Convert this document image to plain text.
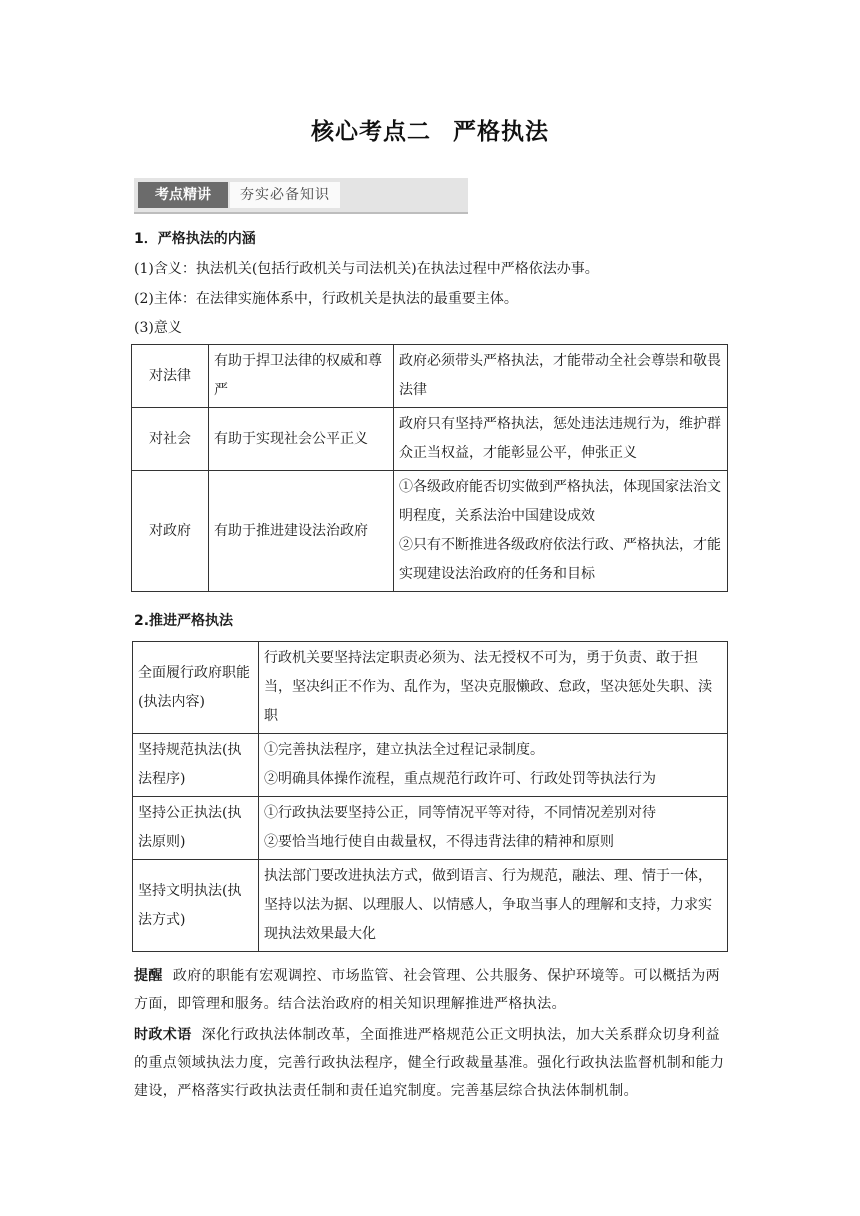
核心考点二 严格执法
考点精讲	夯实必备知识
1．严格执法的内涵
(1)含义：执法机关(包括行政机关与司法机关)在执法过程中严格依法办事。
(2)主体：在法律实施体系中，行政机关是执法的最重要主体。
(3)意义
对法律	有助于捍卫法律的权威和尊严	政府必须带头严格执法，才能带动全社会尊崇和敬畏法律
对社会	有助于实现社会公平正义	政府只有坚持严格执法，惩处违法违规行为，维护群众正当权益，才能彰显公平，伸张正义
对政府	有助于推进建设法治政府	①各级政府能否切实做到严格执法，体现国家法治文明程度，关系法治中国建设成效
②只有不断推进各级政府依法行政、严格执法，才能实现建设法治政府的任务和目标
2.推进严格执法
全面履行政府职能(执法内容)	行政机关要坚持法定职责必须为、法无授权不可为，勇于负责、敢于担当，坚决纠正不作为、乱作为，坚决克服懒政、怠政，坚决惩处失职、渎职
坚持规范执法(执法程序)	①完善执法程序，建立执法全过程记录制度。
②明确具体操作流程，重点规范行政许可、行政处罚等执法行为

坚持公正执法(执法原则)	①行政执法要坚持公正，同等情况平等对待，不同情况差别对待
②要恰当地行使自由裁量权，不得违背法律的精神和原则

坚持文明执法(执法方式)	执法部门要改进执法方式，做到语言、行为规范，融法、理、情于一体，坚持以法为据、以理服人、以情感人，争取当事人的理解和支持，力求实现执法效果最大化
提醒 政府的职能有宏观调控、市场监管、社会管理、公共服务、保护环境等。可以概括为两方面，即管理和服务。结合法治政府的相关知识理解推进严格执法。
时政术语 深化行政执法体制改革，全面推进严格规范公正文明执法，加大关系群众切身利益的重点领域执法力度，完善行政执法程序，健全行政裁量基准。强化行政执法监督机制和能力建设，严格落实行政执法责任制和责任追究制度。完善基层综合执法体制机制。
